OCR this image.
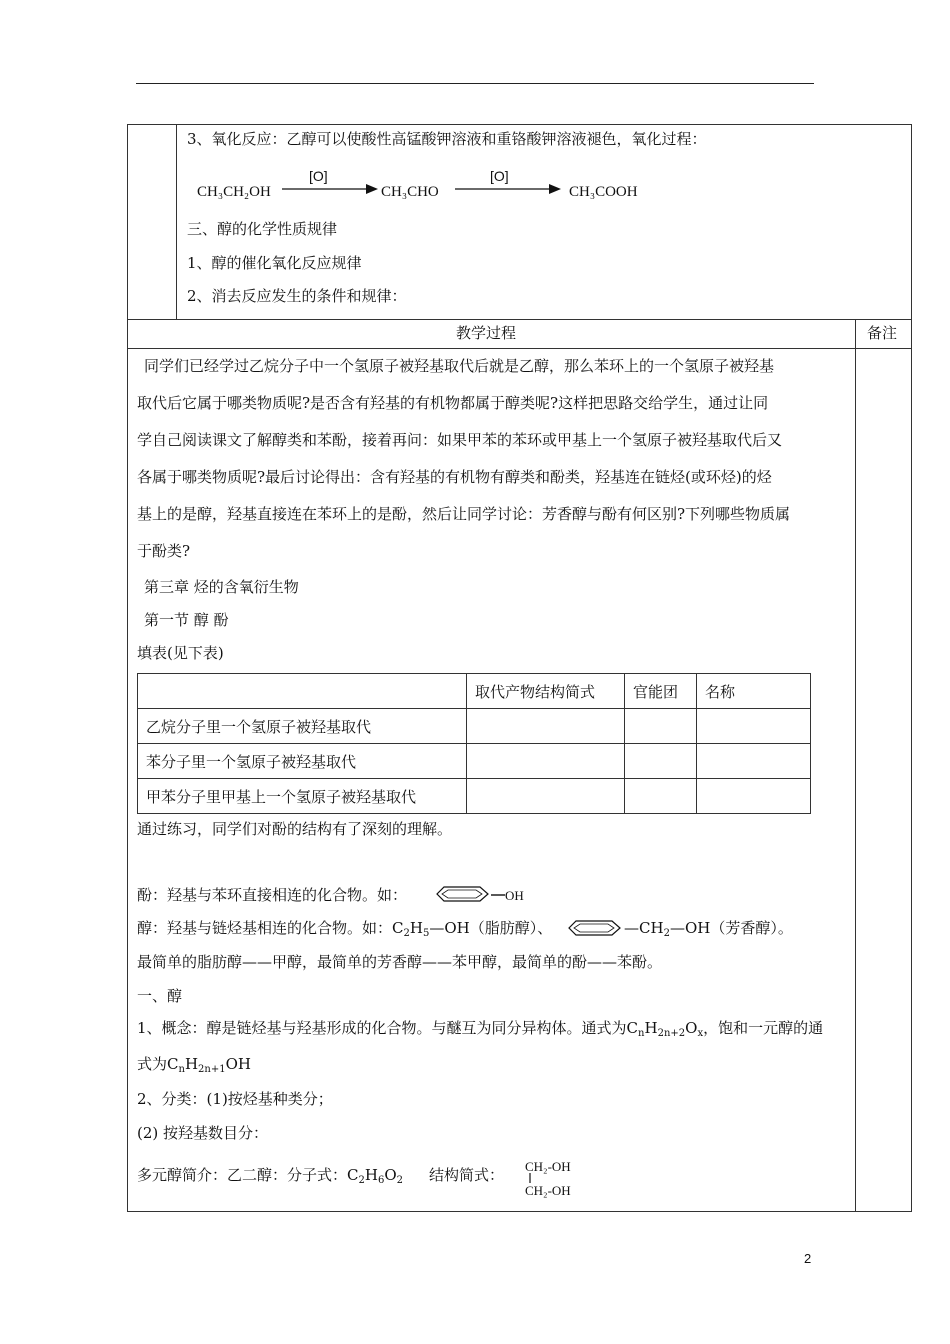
3、氧化反应：乙醇可以使酸性高锰酸钾溶液和重铬酸钾溶液褪色，氧化过程：
CH₃CH₂OH
[O]
CH₃CHO
[O]
CH₃COOH
三、醇的化学性质规律
1、醇的催化氧化反应规律
2、消去反应发生的条件和规律：
教学过程	备注
同学们已经学过乙烷分子中一个氢原子被羟基取代后就是乙醇，那么苯环上的一个氢原子被羟基
取代后它属于哪类物质呢?是否含有羟基的有机物都属于醇类呢?这样把思路交给学生，通过让同
学自己阅读课文了解醇类和苯酚，接着再问：如果甲苯的苯环或甲基上一个氢原子被羟基取代后又
各属于哪类物质呢?最后讨论得出：含有羟基的有机物有醇类和酚类，羟基连在链烃(或环烃)的烃
基上的是醇，羟基直接连在苯环上的是酚，然后让同学讨论：芳香醇与酚有何区别?下列哪些物质属
于酚类?
第三章 烃的含氧衍生物
第一节 醇 酚
填表(见下表)
	取代产物结构简式	官能团	名称
乙烷分子里一个氢原子被羟基取代			
苯分子里一个氢原子被羟基取代			
甲苯分子里甲基上一个氢原子被羟基取代			
通过练习，同学们对酚的结构有了深刻的理解。
酚：羟基与苯环直接相连的化合物。如：	OH
醇：羟基与链烃基相连的化合物。如：$C_2H_5—OH$（脂肪醇）、	$—CH_2—OH$（芳香醇）。
最简单的脂肪醇——甲醇，最简单的芳香醇——苯甲醇，最简单的酚——苯酚。
一、醇
1、概念：醇是链烃基与羟基形成的化合物。与醚互为同分异构体。通式为$C_nH_{2n+2}O_x$，饱和一元醇的通
式为$C_nH_{2n+1}OH$
2、分类：(1)按烃基种类分；
(2) 按羟基数目分：
多元醇简介：乙二醇：分子式：$C_2H_6O_2$ 结构简式： CH₂-OH
CH₂-OH
2
